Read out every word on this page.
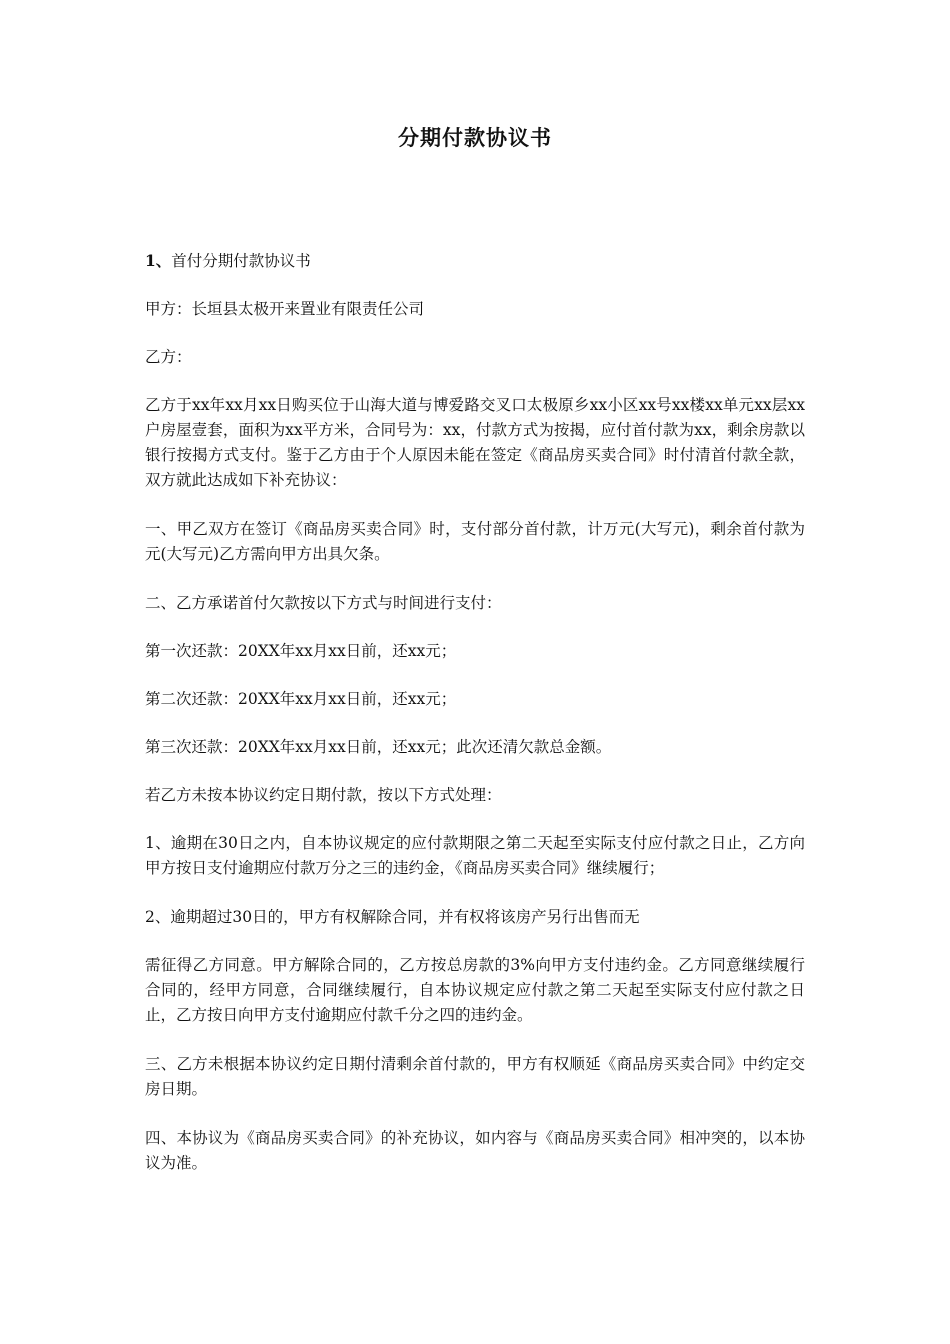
分期付款协议书

1、首付分期付款协议书

甲方：长垣县太极开来置业有限责任公司

乙方：

乙方于xx年xx月xx日购买位于山海大道与博爱路交叉口太极原乡xx小区xx号xx楼xx单元xx层xx户房屋壹套，面积为xx平方米，合同号为：xx，付款方式为按揭，应付首付款为xx，剩余房款以银行按揭方式支付。鉴于乙方由于个人原因未能在签定《商品房买卖合同》时付清首付款全款，双方就此达成如下补充协议：

一、甲乙双方在签订《商品房买卖合同》时，支付部分首付款，计万元(大写元)，剩余首付款为元(大写元)乙方需向甲方出具欠条。

二、乙方承诺首付欠款按以下方式与时间进行支付：

第一次还款：20XX年xx月xx日前，还xx元；

第二次还款：20XX年xx月xx日前，还xx元；

第三次还款：20XX年xx月xx日前，还xx元；此次还清欠款总金额。

若乙方未按本协议约定日期付款，按以下方式处理：

1、逾期在30日之内，自本协议规定的应付款期限之第二天起至实际支付应付款之日止，乙方向甲方按日支付逾期应付款万分之三的违约金，《商品房买卖合同》继续履行；

2、逾期超过30日的，甲方有权解除合同，并有权将该房产另行出售而无

需征得乙方同意。甲方解除合同的，乙方按总房款的3%向甲方支付违约金。乙方同意继续履行合同的，经甲方同意，合同继续履行，自本协议规定应付款之第二天起至实际支付应付款之日止，乙方按日向甲方支付逾期应付款千分之四的违约金。

三、乙方未根据本协议约定日期付清剩余首付款的，甲方有权顺延《商品房买卖合同》中约定交房日期。

四、本协议为《商品房买卖合同》的补充协议，如内容与《商品房买卖合同》相冲突的，以本协议为准。
